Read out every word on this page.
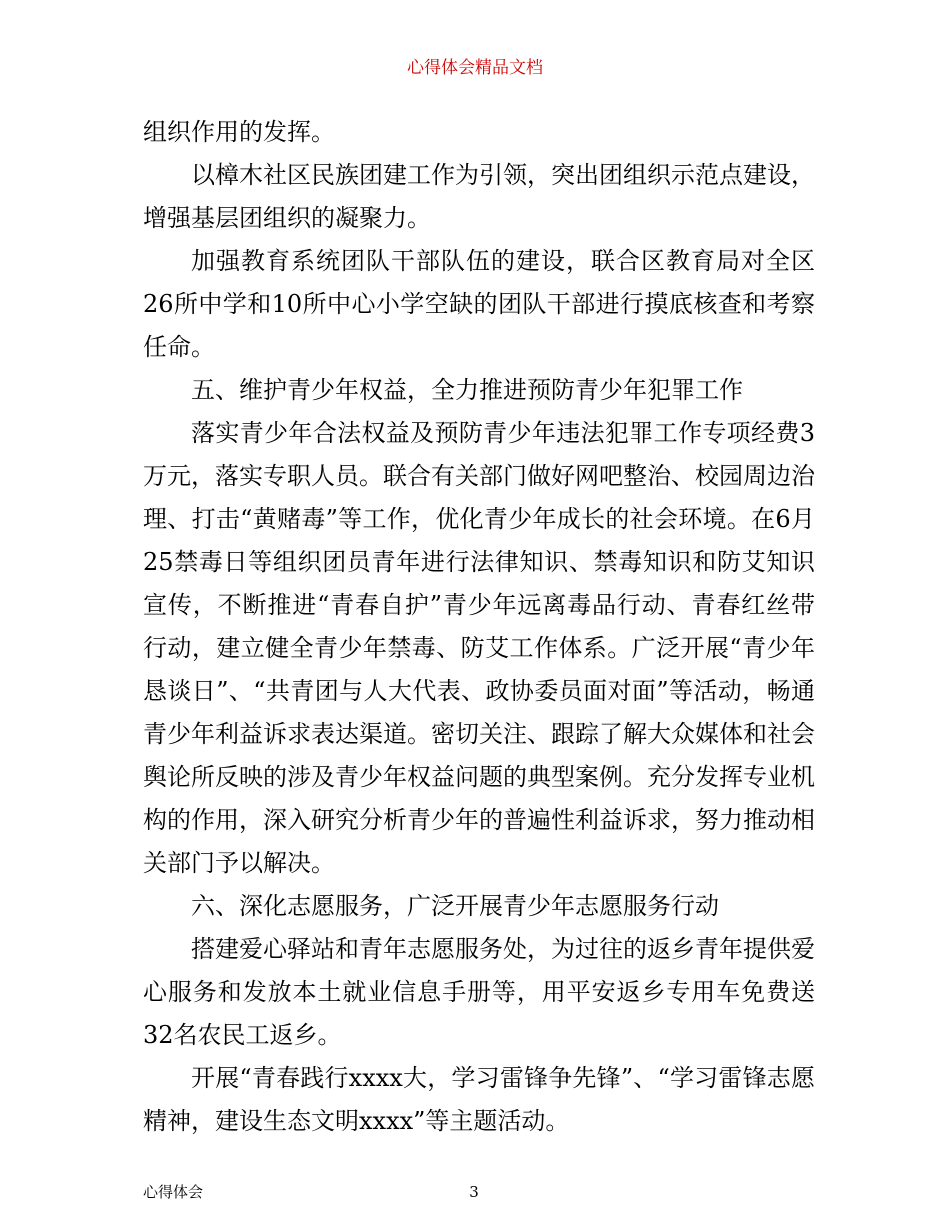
心得体会精品文档

组织作用的发挥。

以樟木社区民族团建工作为引领，突出团组织示范点建设，增强基层团组织的凝聚力。

加强教育系统团队干部队伍的建设，联合区教育局对全区26所中学和10所中心小学空缺的团队干部进行摸底核查和考察任命。

五、维护青少年权益，全力推进预防青少年犯罪工作

落实青少年合法权益及预防青少年违法犯罪工作专项经费3万元，落实专职人员。联合有关部门做好网吧整治、校园周边治理、打击“黄赌毒”等工作，优化青少年成长的社会环境。在6月25禁毒日等组织团员青年进行法律知识、禁毒知识和防艾知识宣传，不断推进“青春自护”青少年远离毒品行动、青春红丝带行动，建立健全青少年禁毒、防艾工作体系。广泛开展“青少年恳谈日”、“共青团与人大代表、政协委员面对面”等活动，畅通青少年利益诉求表达渠道。密切关注、跟踪了解大众媒体和社会舆论所反映的涉及青少年权益问题的典型案例。充分发挥专业机构的作用，深入研究分析青少年的普遍性利益诉求，努力推动相关部门予以解决。

六、深化志愿服务，广泛开展青少年志愿服务行动

搭建爱心驿站和青年志愿服务处，为过往的返乡青年提供爱心服务和发放本土就业信息手册等，用平安返乡专用车免费送32名农民工返乡。

开展“青春践行xxxx大，学习雷锋争先锋”、“学习雷锋志愿精神，建设生态文明xxxx”等主题活动。

心得体会	3
